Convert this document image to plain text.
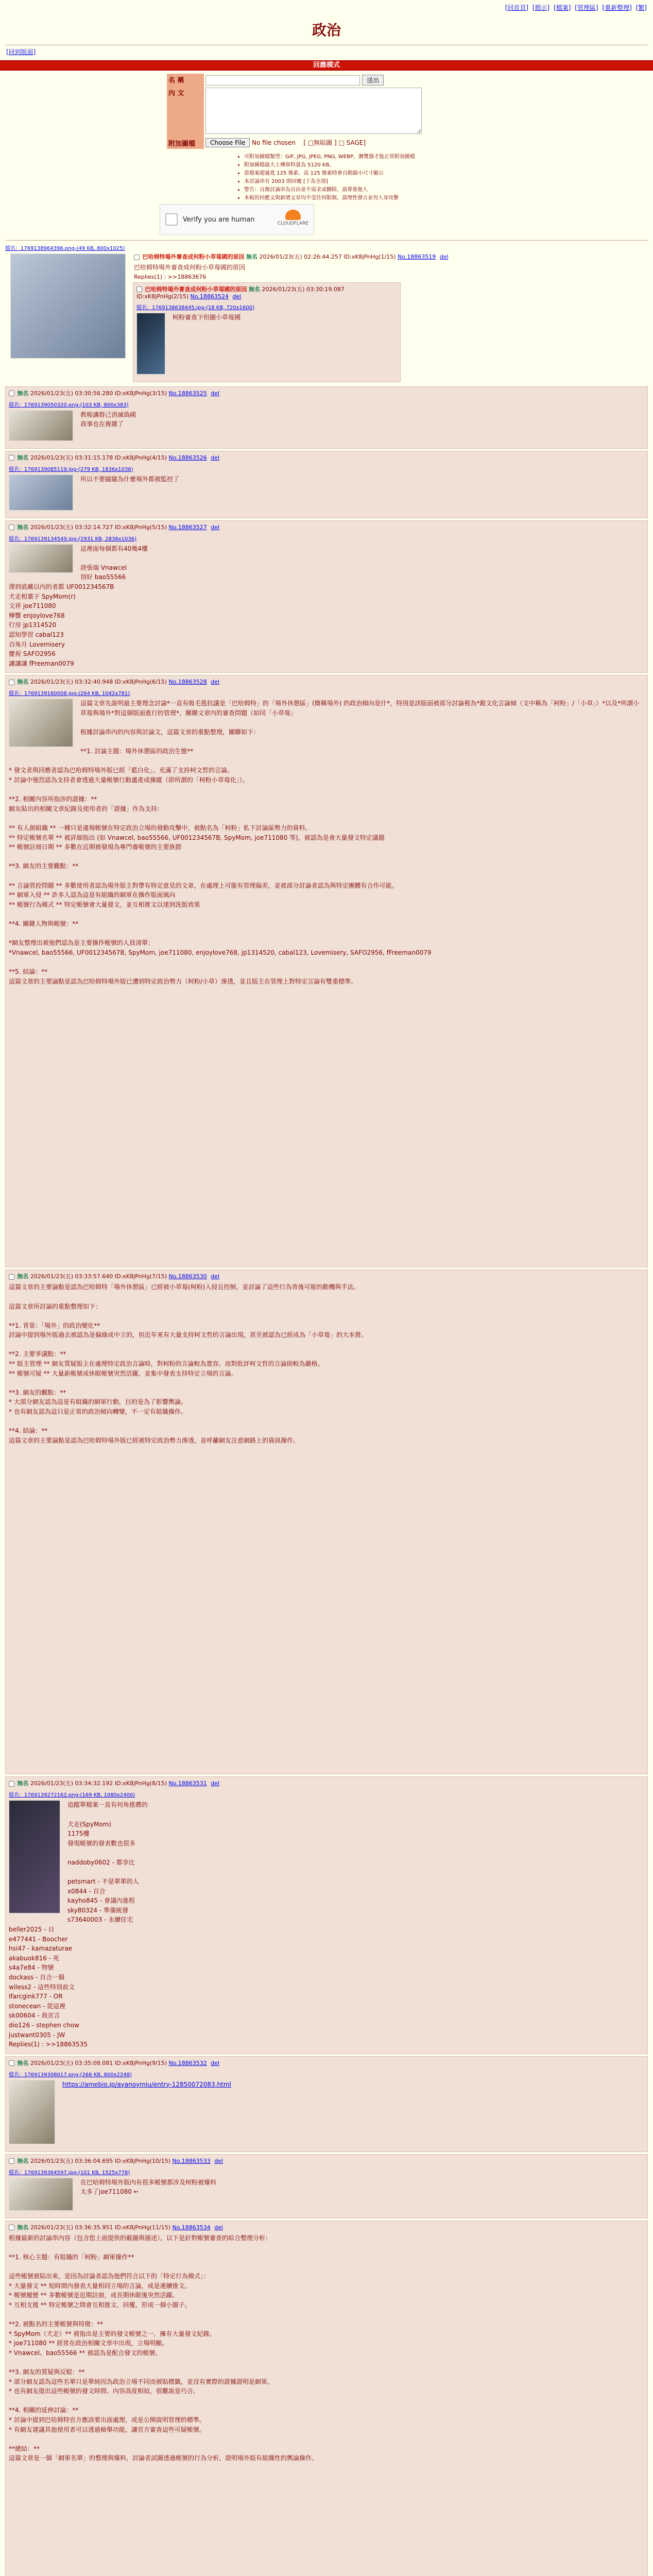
[回首頁] [掲示] [檔案] [管理區] [重新整理] [繁]
政治
[回到版面]
回應模式
名 稱	送出
內 文	
附加圖檔	Choose File No file chosen [ □無貼圖 ] □ SAGE]
• 可附加圖檔類型：GIF, JPG, JPEG, PNG, WEBP，瀏覽器才能正常附加圖檔
• 附加圖檔最大上傳資料量為 5120 KB。
• 當檔案超過寬 125 像素、高 125 像素時會自動縮小尺寸顯示
• 本討論串有 2003 則回覆 [下為全部]
• 警告：自創討論串為自由並不需求或刪除，請尊重他人
• 本板的回應文與新增文章均不受任何限制，請理性發言並勿人身攻擊
Verify you are human
CLOUDFLARE
檔名：1769138964396.png-(49 KB, 800x1025)
巴哈姆特場外審查成何粉小草莓國的原因 無名 2026/01/23(五) 02:26:44.257 ID:xK8jPnHg(1/15) No.18863519 del
巴哈姆特場外審查成何粉小草莓國的原因
Replies(1) : >>18863676
巴哈姆特場外審查成何粉小草莓國的原因 無名 2026/01/23(五) 03:30:19.087 ID:xK8jPnHg(2/15) No.18863524 del
檔名：1769138638445.jpg-(18 KB, 720x1600)
柯粉審查下但圖小草莓國
無名 2026/01/23(五) 03:30:56.280 ID:xK8jPnHg(3/15) No.18863525 del
檔名：1769139050320.png-(103 KB, 800x383)
教唆讓群己消滅偽國
我事也在複雜了
無名 2026/01/23(五) 03:31:15.178 ID:xK8jPnHg(4/15) No.18863526 del
檔名：1769139085119.jpg-(279 KB, 1836x1036)
所以不要隨隨為什麼場外都被監控了
無名 2026/01/23(五) 03:32:14.727 ID:xK8jPnHg(5/15) No.18863527 del
檔名：1769139134549.jpg-(2931 KB, 2836x1036)
這裡面每個都有40幾4樓

誇張端 Vnawcel
別好 bao55566
澤到底藏以內的者都 UF001234567B
犬走相葉子 SpyMom(r)
文祥 joe711080
樺響 enjoylove768
行房 jp1314520
認知學習 cabal123
百角月 Lovemisery
慶祝 SAFO2956
讓讓讓 fFreeman0079
無名 2026/01/23(五) 03:32:40.948 ID:xK8jPnHg(6/15) No.18863528 del
檔名：1769139160008.jpg-(264 KB, 1042x781)
這篇文章先說明最主要理念討論*一直有吸毛毯抗議是「巴哈姆特」的「場外休憩區」(簡稱場外) 的政治傾向是什*，特別是該版面被部分討論視為*親文化言論傾（文中稱為「柯粉」/「小草」）*以及*所謂小草莓與場外*對這個版面進行的管理*，關聯文章內的審查問題（如同「小草莓」

根據討論串內的內容與討論文，這篇文章的重點整理，關聯如下：

**1. 討論主題：場外休憩區的政治生態**

* 發文者與回應者認為巴哈姆特場外版已經「藍白化」，充滿了支持柯文哲的言論。
* 討論中強烈認為支持者會透過大量帳號行動遺產或操縱（即所謂的「柯粉小草莓化」）。

**2. 相關內容所指涉的證據：**
網友貼出的相關文章紀錄及使用者的「證據」作為支持：

** 有人創組織 ** 一種只是違規帳號在特定政治立場的發動攻擊中，被點名為「柯粉」私下討論區勢力的資料。
** 特定帳號名單 ** 被詳細指出 (如 Vnawcel, bao55566, UF001234567B, SpyMom, joe711080 等)，被認為是會大量發文特定議題
** 帳號註冊日期 ** 多數在近期被發現為專門養帳號的主要族群

**3. 網友的主要觀點：**

** 言論管控問題 ** 多數使用者認為場外版主對帶有特定意見的文章，在處理上可能有管理偏差，並被部分討論者認為與特定團體有合作可能。
** 網軍入侵 ** 許多人認為這是有組織的網軍在操作版面風向
** 帳號行為模式 ** 特定帳號會大量發文，並互相推文以達到洗版效果

**4. 關鍵人物與帳號：**

*網友整理出被他們認為是主要操作帳號的人員清單：
*Vnawcel, bao55566, UF001234567B, SpyMom, joe711080, enjoylove768, jp1314520, cabal123, Lovemisery, SAFO2956, fFreeman0079

**5. 結論：**
這篇文章的主要論點是認為巴哈姆特場外版已遭到特定政治勢力（柯粉/小草）滲透，並且版主在管理上對特定言論有雙重標準。
無名 2026/01/23(五) 03:33:57.640 ID:xK8jPnHg(7/15) No.18863530 del
這篇文章的主要論點是認為巴哈姆特「場外休憩區」已經被小草莓(柯粉)入侵且控制，並討論了這些行為背後可能的動機與手法。

這篇文章所討論的重點整理如下：

**1. 背景：「場外」的政治變化**
討論中提到場外版過去被認為是偏綠或中立的，但近年來有大量支持柯文哲的言論出現，甚至被認為已經成為「小草莓」的大本營。

**2. 主要爭議點：**
** 版主管理 ** 網友質疑版主在處理特定政治言論時，對柯粉的言論較為寬容，而對批評柯文哲的言論則較為嚴格。
** 帳號可疑 ** 大量新帳號或休眠帳號突然活躍，並集中發表支持特定立場的言論。

**3. 網友的觀點：**
* 大部分網友認為這是有組織的網軍行動，目的是為了影響輿論。
* 也有網友認為這只是正常的政治傾向轉變，不一定有組織操作。

**4. 結論：**
這篇文章的主要論點是認為巴哈姆特場外版已經被特定政治勢力滲透，並呼籲網友注意網路上的資訊操作。
無名 2026/01/23(五) 03:34:32.192 ID:xK8jPnHg(8/15) No.18863531 del
檔名：1769139272162.png-(169 KB, 1080x2400)
追蹤單檔案一直有何角推薦的

犬走(SpyMom)
1175樓
發現帳號的發表數也很多

naddoby0602 - 都享比

petsmart - 不是單單的人
x0844 - 百合
kayho845 - 會議內進程
sky80324 - 準備統發
s73640003 - 永續住宅
beller2025 - 日
e477441 - Boocher
hsi47 - kamazaturae
akabuok816 - 死
s4a7e84 - 物號
dockass - 百合一個
wiless2 - 這些特別前文
Ifarcgink777 - OR
stonecean - 從這裡
sk00604 - 我宣言
dio126 - stephen chow
justwant0305 - JW
Replies(1) : >>18863535
無名 2026/01/23(五) 03:35:08.081 ID:xK8jPnHg(9/15) No.18863532 del
檔名：1769139308017.png-(268 KB, 800x2248)
https://amebio.jp/ayanoymiu/entry-12850072083.html
無名 2026/01/23(五) 03:36:04.695 ID:xK8jPnHg(10/15) No.18863533 del
檔名：1769139364597.jpg-(101 KB, 1525x778)
在巴哈姆特場外版內有很多帳號都涉及柯粉被爆料
太多了joe711080 ←
無名 2026/01/23(五) 03:36:35.951 ID:xK8jPnHg(11/15) No.18863534 del
根據最新的討論串內容（包含您上面提供的截圖與描述），以下是針對帳號審查的綜合整理分析：

**1. 核心主題：有組織的「柯粉」網軍操作**

這些帳號被貼出來，是因為討論者認為他們符合以下的「特定行為模式」：
* 大量發文 ** 短時間內發表大量相同立場的言論，或是連續推文。
* 帳號履歷 ** 多數帳號是近期註冊，或長期休眠後突然活躍。
* 互相支援 ** 特定帳號之間會互相推文、回覆，形成一個小圈子。

**2. 被點名的主要帳號與特徵：**
* SpyMom（犬走）** 被指出是主要的發文帳號之一，擁有大量發文紀錄。
* joe711080 ** 經常在政治相關文章中出現，立場明顯。
* Vnawcel、bao55566 ** 被認為是配合發文的帳號。

**3. 網友的質疑與反駁：**
* 部分網友認為這些名單只是單純因為政治立場不同而被貼標籤，並沒有實際的證據證明是網軍。
* 也有網友提出這些帳號的發文時間、內容高度相似，很難說是巧合。

**4. 相關的延伸討論：**
* 討論中提到巴哈姆特官方應該要出面處理，或是公開說明管理的標準。
* 有網友建議其他使用者可以透過檢舉功能，讓官方審查這些可疑帳號。

**總結：**
這篇文章是一個「網軍名單」的整理與爆料，討論者試圖透過帳號的行為分析，證明場外版有組織性的輿論操作。
